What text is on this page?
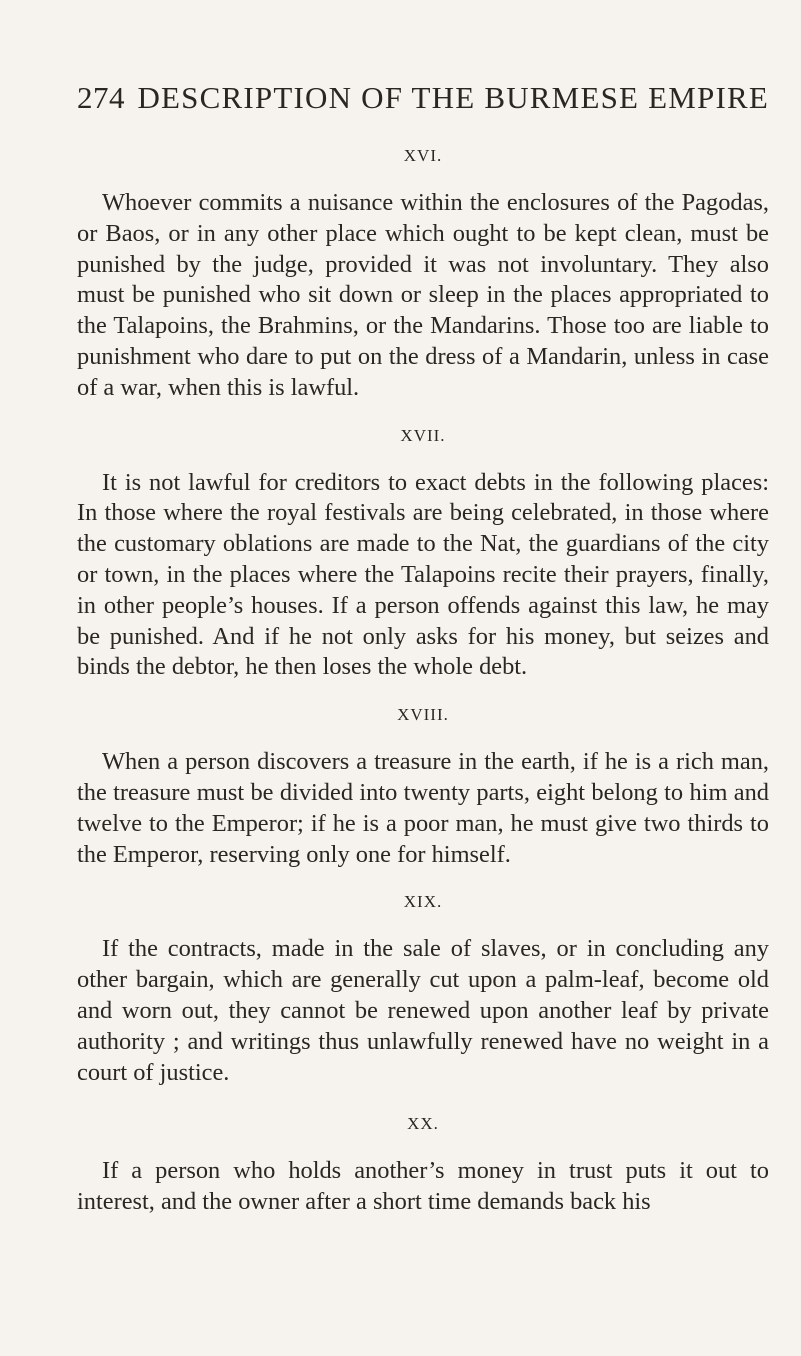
274 DESCRIPTION OF THE BURMESE EMPIRE
XVI.

Whoever commits a nuisance within the enclosures of the Pagodas, or Baos, or in any other place which ought to be kept clean, must be punished by the judge, provided it was not involuntary. They also must be punished who sit down or sleep in the places appropriated to the Talapoins, the Brahmins, or the Mandarins. Those too are liable to punishment who dare to put on the dress of a Mandarin, unless in case of a war, when this is lawful.

XVII.

It is not lawful for creditors to exact debts in the following places: In those where the royal festivals are being celebrated, in those where the customary oblations are made to the Nat, the guardians of the city or town, in the places where the Talapoins recite their prayers, finally, in other people’s houses. If a person offends against this law, he may be punished. And if he not only asks for his money, but seizes and binds the debtor, he then loses the whole debt.

XVIII.

When a person discovers a treasure in the earth, if he is a rich man, the treasure must be divided into twenty parts, eight belong to him and twelve to the Emperor; if he is a poor man, he must give two thirds to the Emperor, reserving only one for himself.

XIX.

If the contracts, made in the sale of slaves, or in concluding any other bargain, which are generally cut upon a palm-leaf, become old and worn out, they cannot be renewed upon another leaf by private authority ; and writings thus unlawfully renewed have no weight in a court of justice.

XX.

If a person who holds another’s money in trust puts it out to interest, and the owner after a short time demands back his
